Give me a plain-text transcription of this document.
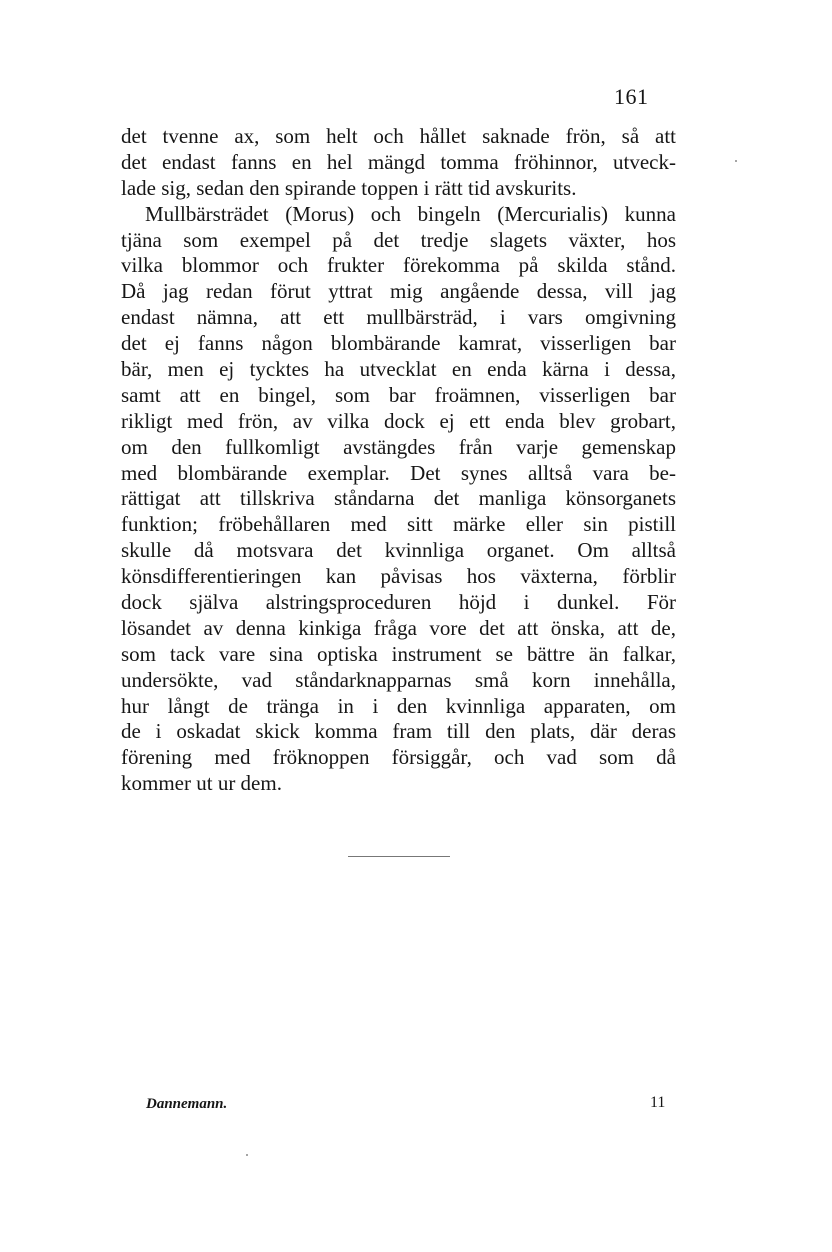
161
det tvenne ax, som helt och hållet saknade frön, så att
det endast fanns en hel mängd tomma fröhinnor, utveck-
lade sig, sedan den spirande toppen i rätt tid avskurits.
Mullbärsträdet (Morus) och bingeln (Mercurialis) kunna
tjäna som exempel på det tredje slagets växter, hos
vilka blommor och frukter förekomma på skilda stånd.
Då jag redan förut yttrat mig angående dessa, vill jag
endast nämna, att ett mullbärsträd, i vars omgivning
det ej fanns någon blombärande kamrat, visserligen bar
bär, men ej tycktes ha utvecklat en enda kärna i dessa,
samt att en bingel, som bar froämnen, visserligen bar
rikligt med frön, av vilka dock ej ett enda blev grobart,
om den fullkomligt avstängdes från varje gemenskap
med blombärande exemplar. Det synes alltså vara be-
rättigat att tillskriva ståndarna det manliga könsorganets
funktion; fröbehållaren med sitt märke eller sin pistill
skulle då motsvara det kvinnliga organet. Om alltså
könsdifferentieringen kan påvisas hos växterna, förblir
dock själva alstringsproceduren höjd i dunkel. För
lösandet av denna kinkiga fråga vore det att önska, att de,
som tack vare sina optiska instrument se bättre än falkar,
undersökte, vad ståndarknapparnas små korn innehålla,
hur långt de tränga in i den kvinnliga apparaten, om
de i oskadat skick komma fram till den plats, där deras
förening med fröknoppen försiggår, och vad som då
kommer ut ur dem.
Dannemann.	11
